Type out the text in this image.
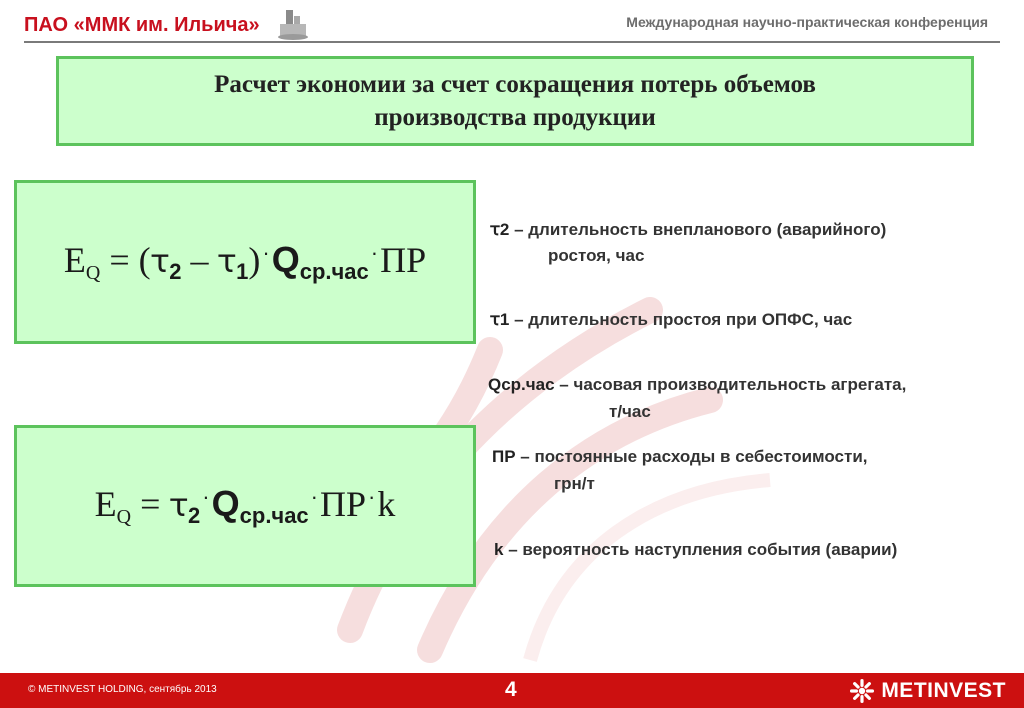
ПАО «ММК им. Ильича»	Международная научно-практическая конференция
Расчет экономии за счет сокращения потерь объемов
производства продукции
$E_Q$ = (ꚍ2 – ꚍ1)·Qср.час·ПР
$E_Q$ = ꚍ2·Qср.час·ПР·k
ꚍ2 – длительность внепланового (аварийного)
ростоя, час
ꚍ1 – длительность простоя при ОПФС, час
Qср.час – часовая производительность агрегата,
т/час
ПР – постоянные расходы в себестоимости,
грн/т
k – вероятность наступления события (аварии)
© METINVEST HOLDING, сентябрь 2013	4	METINVEST
